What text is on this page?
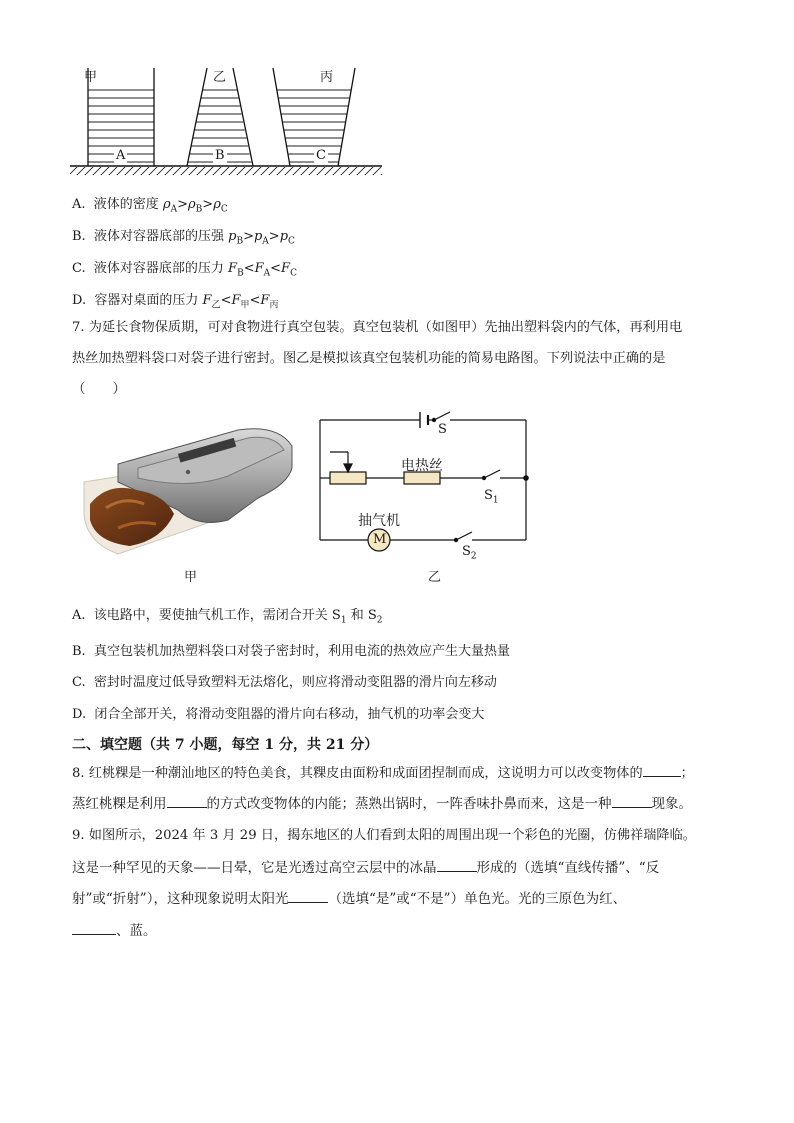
甲	乙	丙
A	B	C
A. 液体的密度 $\rho_A>\rho_B>\rho_C$
B. 液体对容器底部的压强 $p_B>p_A>p_C$
C. 液体对容器底部的压力 $F_B<F_A<F_C$
D. 容器对桌面的压力 $F_乙<F_甲<F_丙$
7. 为延长食物保质期，可对食物进行真空包装。真空包装机（如图甲）先抽出塑料袋内的气体，再利用电
热丝加热塑料袋口对袋子进行密封。图乙是模拟该真空包装机功能的简易电路图。下列说法中正确的是
（　　）
甲
M
S
电热丝
$S_1$
抽气机
$S_2$
乙
A. 该电路中，要使抽气机工作，需闭合开关 $S_1$ 和 $S_2$
B. 真空包装机加热塑料袋口对袋子密封时，利用电流的热效应产生大量热量
C. 密封时温度过低导致塑料无法熔化，则应将滑动变阻器的滑片向左移动
D. 闭合全部开关，将滑动变阻器的滑片向右移动，抽气机的功率会变大
二、填空题（共 7 小题，每空 1 分，共 21 分）
8. 红桃粿是一种潮汕地区的特色美食，其粿皮由面粉和成面团捏制而成，这说明力可以改变物体的	；
蒸红桃粿是利用	的方式改变物体的内能；蒸熟出锅时，一阵香味扑鼻而来，这是一种	现象。
9. 如图所示，2024 年 3 月 29 日，揭东地区的人们看到太阳的周围出现一个彩色的光圈，仿佛祥瑞降临。
这是一种罕见的天象——日晕，它是光透过高空云层中的冰晶	形成的（选填“直线传播”、“反
射”或“折射”），这种现象说明太阳光	（选填“是”或“不是”）单色光。光的三原色为红、
、蓝。
